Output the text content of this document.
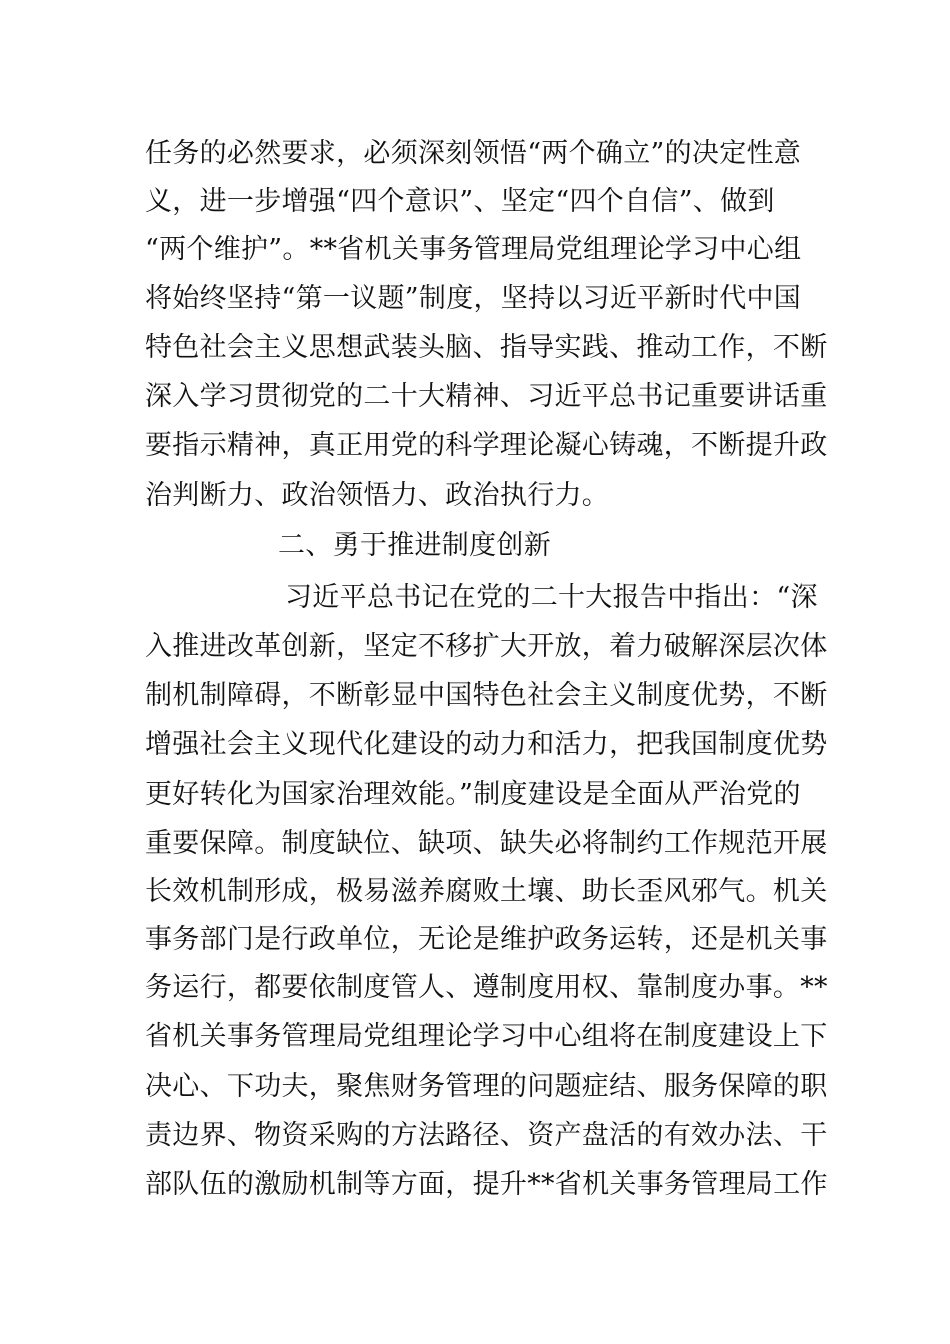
任务的必然要求，必须深刻领悟“两个确立”的决定性意
义，进一步增强“四个意识”、坚定“四个自信”、做到
“两个维护”。**省机关事务管理局党组理论学习中心组
将始终坚持“第一议题”制度，坚持以习近平新时代中国
特色社会主义思想武装头脑、指导实践、推动工作，不断
深入学习贯彻党的二十大精神、习近平总书记重要讲话重
要指示精神，真正用党的科学理论凝心铸魂，不断提升政
治判断力、政治领悟力、政治执行力。
二、勇于推进制度创新
习近平总书记在党的二十大报告中指出：“深
入推进改革创新，坚定不移扩大开放，着力破解深层次体
制机制障碍，不断彰显中国特色社会主义制度优势，不断
增强社会主义现代化建设的动力和活力，把我国制度优势
更好转化为国家治理效能。”制度建设是全面从严治党的
重要保障。制度缺位、缺项、缺失必将制约工作规范开展
长效机制形成，极易滋养腐败土壤、助长歪风邪气。机关
事务部门是行政单位，无论是维护政务运转，还是机关事
务运行，都要依制度管人、遵制度用权、靠制度办事。**
省机关事务管理局党组理论学习中心组将在制度建设上下
决心、下功夫，聚焦财务管理的问题症结、服务保障的职
责边界、物资采购的方法路径、资产盘活的有效办法、干
部队伍的激励机制等方面，提升**省机关事务管理局工作
